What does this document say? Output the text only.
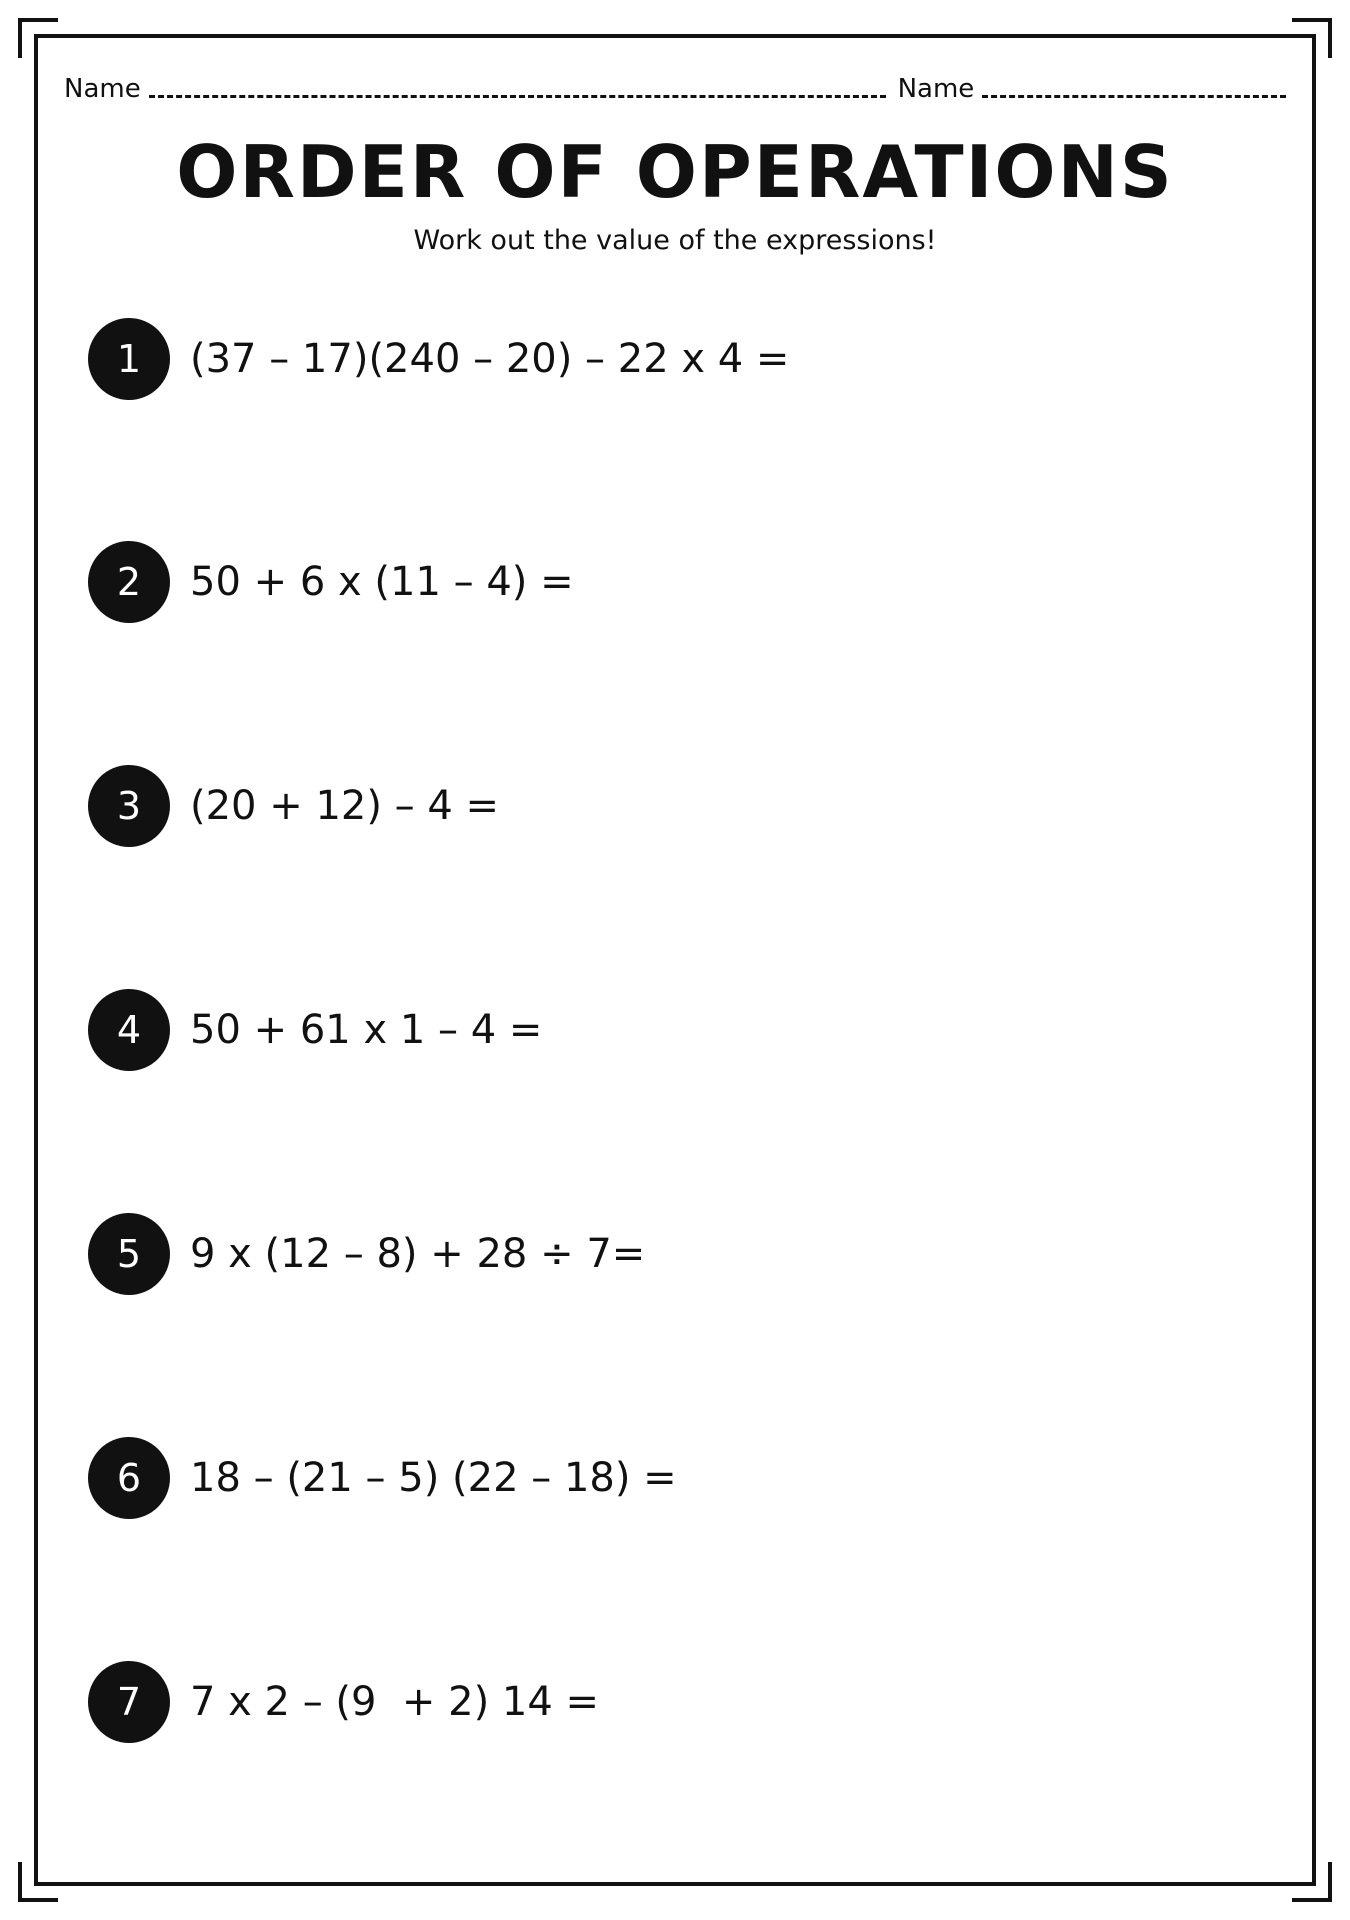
Name	Name
ORDER OF OPERATIONS
Work out the value of the expressions!
1	(37 – 17)(240 – 20) – 22 x 4 =
2	50 + 6 x (11 – 4) =
3	(20 + 12) – 4 =
4	50 + 61 x 1 – 4 =
5	9 x (12 – 8) + 28 ÷ 7=
6	18 – (21 – 5) (22 – 18) =
7	7 x 2 – (9  + 2) 14 =
